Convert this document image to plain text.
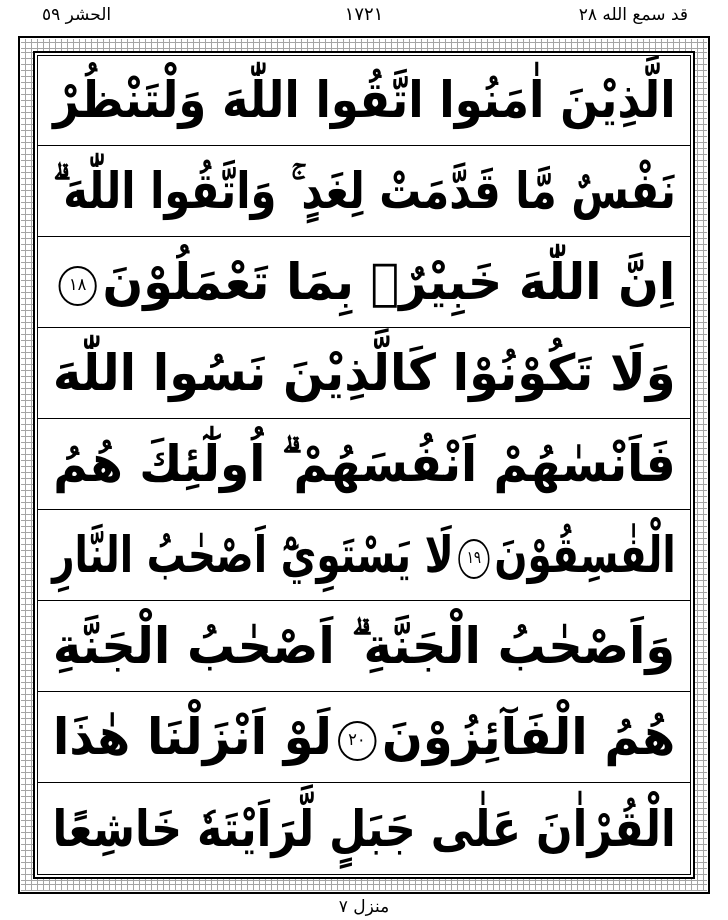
الحشر ٥٩	١٧٢١	قد سمع الله ٢٨
الَّذِيْنَ اٰمَنُوا اتَّقُوا اللّٰهَ وَلْتَنْظُرْ
نَفْسٌ مَّا قَدَّمَتْ لِغَدٍ ۚ وَاتَّقُوا اللّٰهَ ۗ
اِنَّ اللّٰهَ خَبِيْرٌۢ بِمَا تَعْمَلُوْنَ١٨
وَلَا تَكُوْنُوْا كَالَّذِيْنَ نَسُوا اللّٰهَ
فَاَنْسٰهُمْ اَنْفُسَهُمْ ۗ اُولٰٓئِكَ هُمُ
الْفٰسِقُوْنَ١٩لَا يَسْتَوِيْٓ اَصْحٰبُ النَّارِ
وَاَصْحٰبُ الْجَنَّةِ ۗ اَصْحٰبُ الْجَنَّةِ
هُمُ الْفَآئِزُوْنَ٢٠لَوْ اَنْزَلْنَا هٰذَا
الْقُرْاٰنَ عَلٰى جَبَلٍ لَّرَاَيْتَهٗ خَاشِعًا
منزل ٧
